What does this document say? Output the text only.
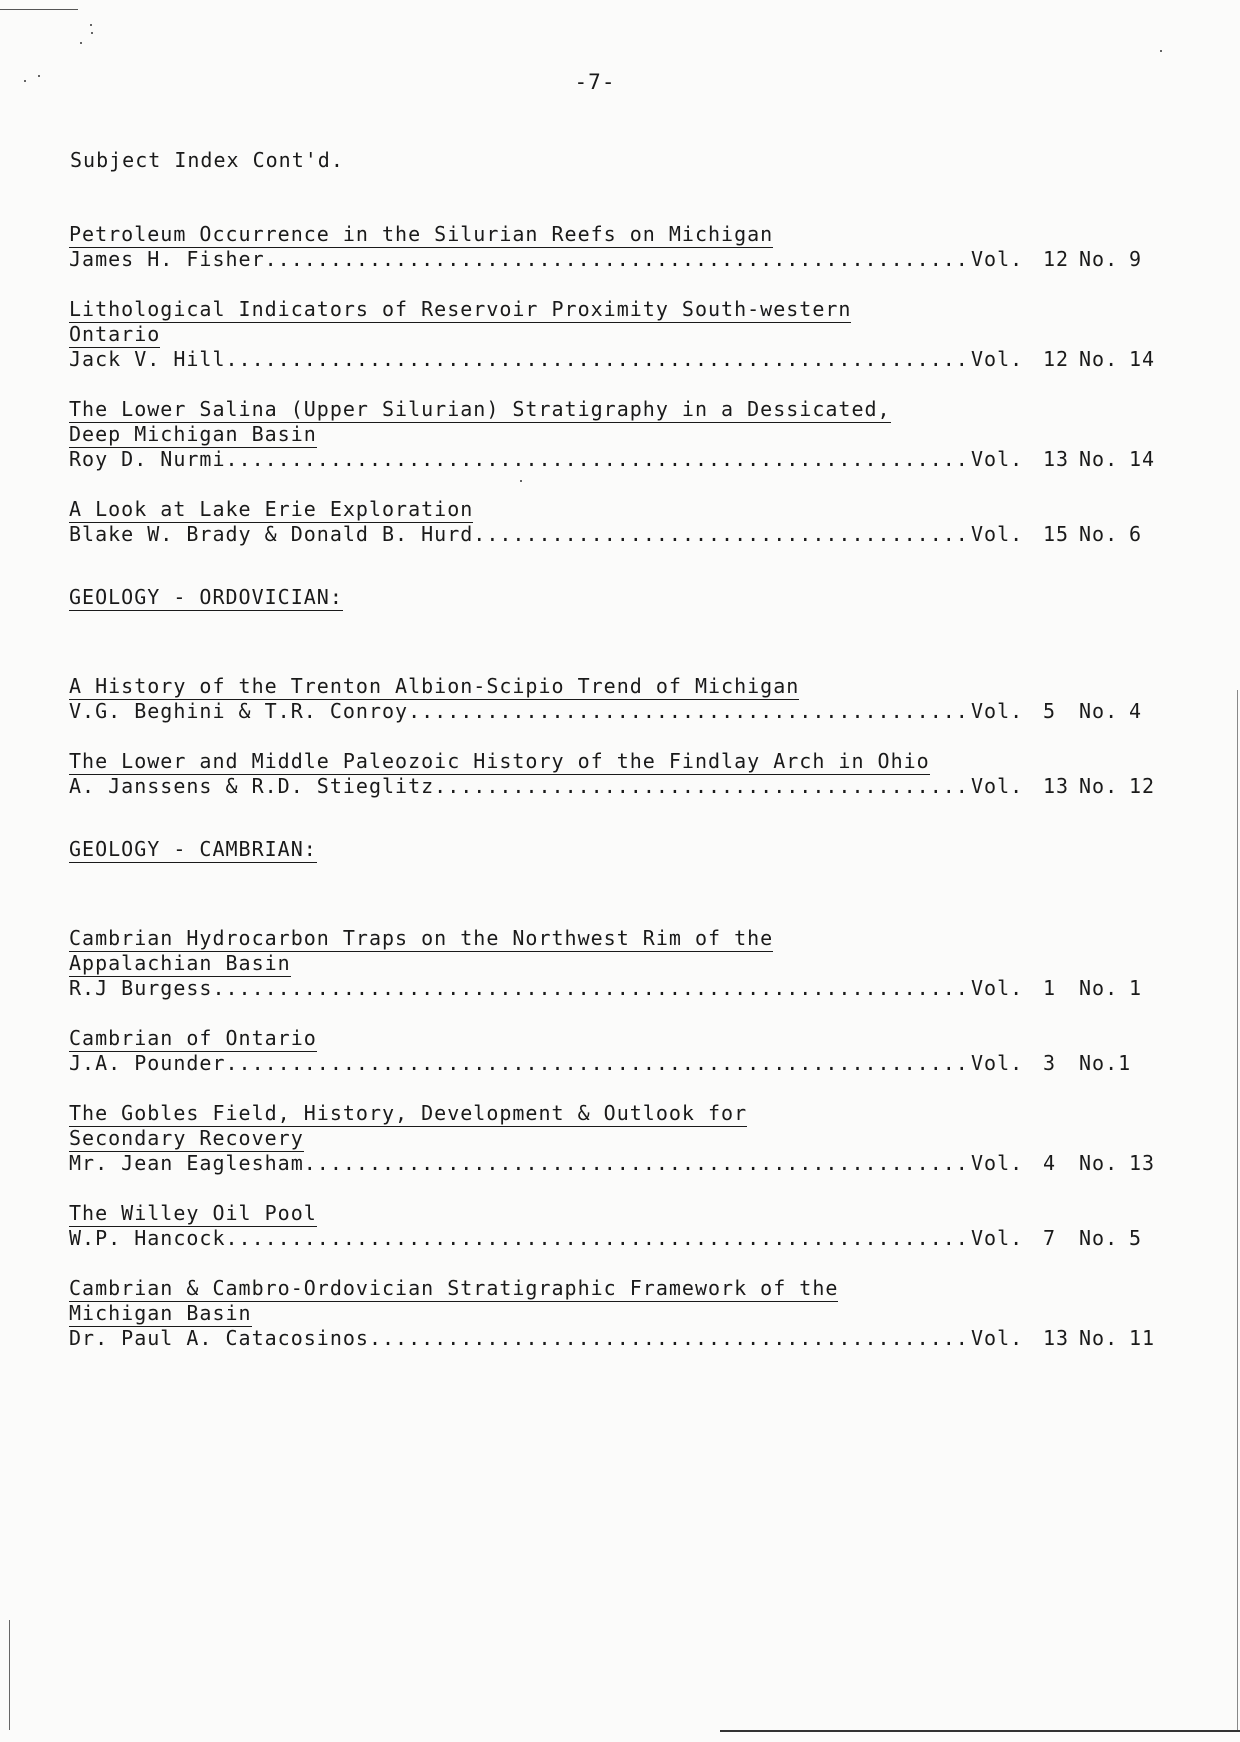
-7-
Subject Index Cont'd.
Petroleum Occurrence in the Silurian Reefs on Michigan
James H. Fisher .....	Vol. 12 No. 9
Lithological Indicators of Reservoir Proximity South-western
Ontario
Jack V. Hill .....	Vol. 12 No. 14
The Lower Salina (Upper Silurian) Stratigraphy in a Dessicated,
Deep Michigan Basin
Roy D. Nurmi .....	Vol. 13 No. 14
A Look at Lake Erie Exploration
Blake W. Brady & Donald B. Hurd .....	Vol. 15 No. 6
GEOLOGY - ORDOVICIAN:
A History of the Trenton Albion-Scipio Trend of Michigan
V.G. Beghini & T.R. Conroy .....	Vol. 5	No. 4
The Lower and Middle Paleozoic History of the Findlay Arch in Ohio
A. Janssens & R.D. Stieglitz .....	Vol. 13 No. 12
GEOLOGY - CAMBRIAN:
Cambrian Hydrocarbon Traps on the Northwest Rim of the
Appalachian Basin
R.J Burgess .....	Vol. 1	No. 1
Cambrian of Ontario
J.A. Pounder .....	Vol. 3	No.1
The Gobles Field, History, Development & Outlook for
Secondary Recovery
Mr. Jean Eaglesham .....	Vol. 4	No. 13
The Willey Oil Pool
W.P. Hancock .....	Vol. 7	No. 5
Cambrian & Cambro-Ordovician Stratigraphic Framework of the
Michigan Basin
Dr. Paul A. Catacosinos .....	Vol. 13 No. 11
